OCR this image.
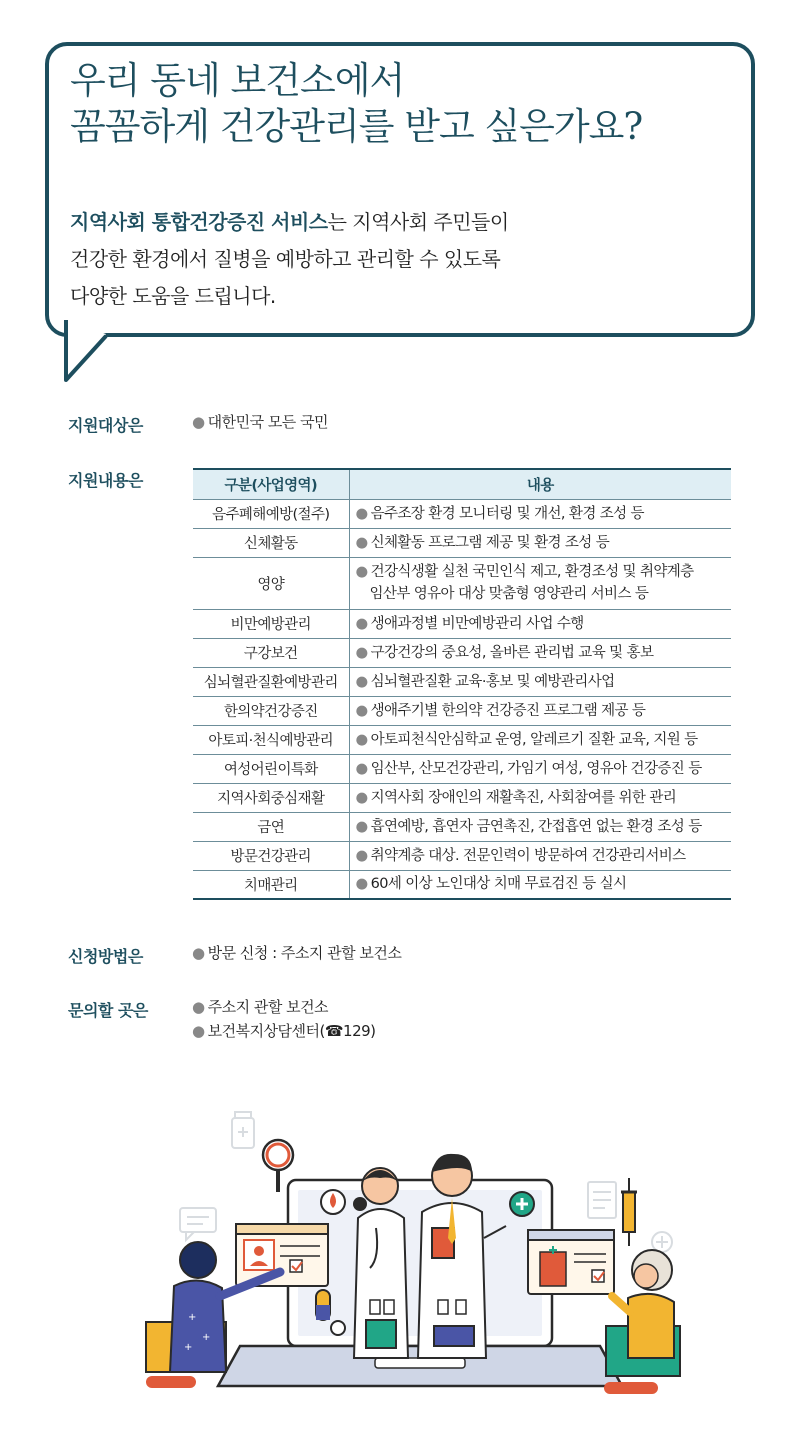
우리 동네 보건소에서
꼼꼼하게 건강관리를 받고 싶은가요?
지역사회 통합건강증진 서비스는 지역사회 주민들이
건강한 환경에서 질병을 예방하고 관리할 수 있도록
다양한 도움을 드립니다.
지원대상은	● 대한민국 모든 국민
지원내용은	구분(사업영역)	내용
음주폐해예방(절주)	● 음주조장 환경 모니터링 및 개선, 환경 조성 등

신체활동	● 신체활동 프로그램 제공 및 환경 조성 등

영양	● 건강식생활 실천 국민인식 제고, 환경조성 및 취약계층
임산부 영유아 대상 맞춤형 영양관리 서비스 등

비만예방관리	● 생애과정별 비만예방관리 사업 수행

구강보건	● 구강건강의 중요성, 올바른 관리법 교육 및 홍보

심뇌혈관질환예방관리	● 심뇌혈관질환 교육·홍보 및 예방관리사업

한의약건강증진	● 생애주기별 한의약 건강증진 프로그램 제공 등

아토피·천식예방관리	● 아토피천식안심학교 운영, 알레르기 질환 교육, 지원 등

여성어린이특화	● 임산부, 산모건강관리, 가임기 여성, 영유아 건강증진 등

지역사회중심재활	● 지역사회 장애인의 재활촉진, 사회참여를 위한 관리

금연	● 흡연예방, 흡연자 금연촉진, 간접흡연 없는 환경 조성 등

방문건강관리	● 취약계층 대상. 전문인력이 방문하여 건강관리서비스

치매관리	● 60세 이상 노인대상 치매 무료검진 등 실시
신청방법은	● 방문 신청 : 주소지 관할 보건소
문의할 곳은	● 주소지 관할 보건소
● 보건복지상담센터(☎129)
+
+
+
